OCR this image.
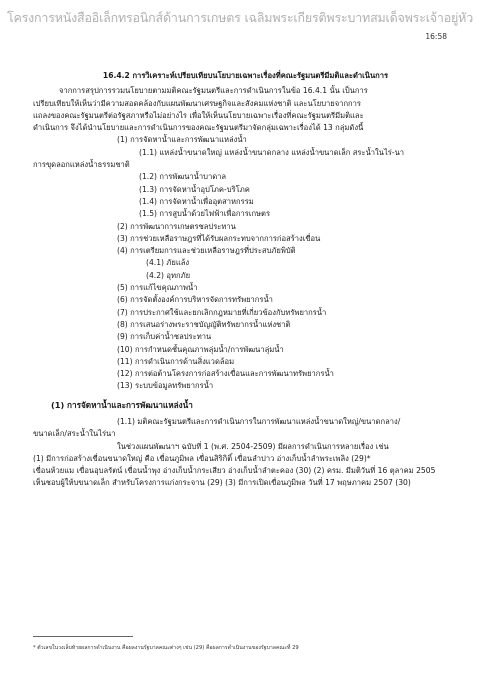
โครงการหนังสืออิเล็กทรอนิกส์ด้านการเกษตร เฉลิมพระเกียรติพระบาทสมเด็จพระเจ้าอยู่หัว
16:58
16.4.2 การวิเคราะห์เปรียบเทียบนโยบายเฉพาะเรื่องที่คณะรัฐมนตรีมีมติและดำเนินการ

จากการสรุปการรวมนโยบายตามมติคณะรัฐมนตรีและการดำเนินการในข้อ 16.4.1 นั้น เป็นการ

เปรียบเทียบให้เห็นว่ามีความสอดคล้องกับแผนพัฒนาเศรษฐกิจและสังคมแห่งชาติ และนโยบายจากการ

แถลงของคณะรัฐมนตรีต่อรัฐสภาหรือไม่อย่างไร เพื่อให้เห็นนโยบายเฉพาะเรื่องที่คณะรัฐมนตรีมีมติและ

ดำเนินการ จึงได้นำนโยบายและการดำเนินการของคณะรัฐมนตรีมาจัดกลุ่มเฉพาะเรื่องได้ 13 กลุ่มดังนี้

(1) การจัดหาน้ำและการพัฒนาแหล่งน้ำ

(1.1) แหล่งน้ำขนาดใหญ่ แหล่งน้ำขนาดกลาง แหล่งน้ำขนาดเล็ก สระน้ำในไร่-นา

การขุดลอกแหล่งน้ำธรรมชาติ

(1.2) การพัฒนาน้ำบาดาล

(1.3) การจัดหาน้ำอุปโภค-บริโภค

(1.4) การจัดหาน้ำเพื่ออุตสาหกรรม

(1.5) การสูบน้ำด้วยไฟฟ้าเพื่อการเกษตร

(2) การพัฒนาการเกษตรชลประทาน

(3) การช่วยเหลือราษฎรที่ได้รับผลกระทบจากการก่อสร้างเขื่อน

(4) การเตรียมการและช่วยเหลือราษฎรที่ประสบภัยพิบัติ

(4.1) ภัยแล้ง

(4.2) อุทกภัย

(5) การแก้ไขคุณภาพน้ำ

(6) การจัดตั้งองค์การบริหารจัดการทรัพยากรน้ำ

(7) การประกาศใช้และยกเลิกกฎหมายที่เกี่ยวข้องกับทรัพยากรน้ำ

(8) การเสนอร่างพระราชบัญญัติทรัพยากรน้ำแห่งชาติ

(9) การเก็บค่าน้ำชลประทาน

(10) การกำหนดชั้นคุณภาพลุ่มน้ำ/การพัฒนาลุ่มน้ำ

(11) การดำเนินการด้านสิ่งแวดล้อม

(12) การต่อต้านโครงการก่อสร้างเขื่อนและการพัฒนาทรัพยากรน้ำ

(13) ระบบข้อมูลทรัพยากรน้ำ

(1) การจัดหาน้ำและการพัฒนาแหล่งน้ำ

(1.1) มติคณะรัฐมนตรีและการดำเนินการในการพัฒนาแหล่งน้ำขนาดใหญ่/ขนาดกลาง/

ขนาดเล็ก/สระน้ำในไร่นา

ในช่วงแผนพัฒนาฯ ฉบับที่ 1 (พ.ศ. 2504-2509) มีผลการดำเนินการหลายเรื่อง เช่น

(1) มีการก่อสร้างเขื่อนขนาดใหญ่ คือ เขื่อนภูมิพล เขื่อนสิริกิติ์ เขื่อนลำปาว อ่างเก็บน้ำลำพระเพลิง (29)*

เขื่อนห้วยแม เขื่อนอุบลรัตน์ เขื่อนน้ำพุง อ่างเก็บน้ำกระเสียว อ่างเก็บน้ำลำตะคอง (30) (2) ครม. มีมติวันที่ 16 ตุลาคม 2505

เห็นชอบผู้ให้บขนาดเล็ก สำหรับโครงการแก่งกระจาน (29) (3) มีการเปิดเขื่อนภูมิพล วันที่ 17 พฤษภาคม 2507 (30)

* ตัวเลขในวงเล็บท้ายผลการดำเนินงาน คือผลงานรัฐบาลคณะต่างๆ เช่น (29) คือผลการดำเนินงานของรัฐบาลคณะที่ 29
